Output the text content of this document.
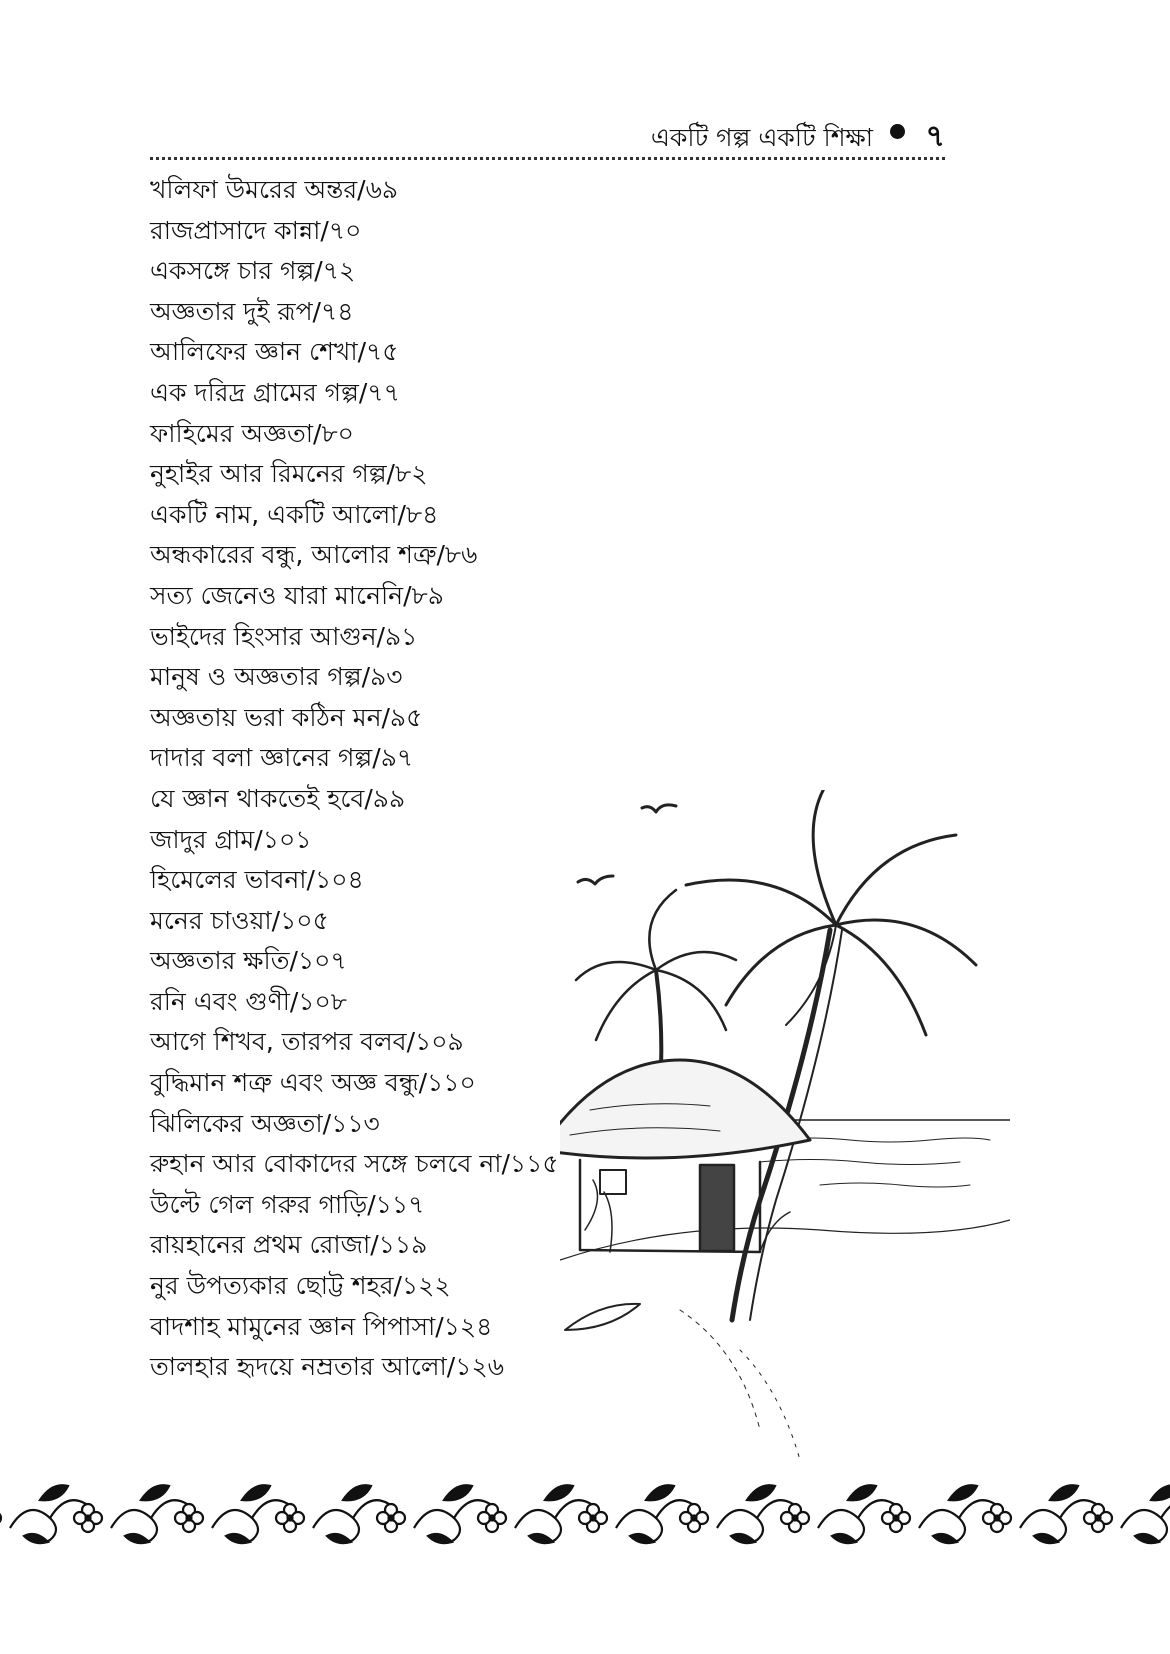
একটি গল্প একটি শিক্ষা ৭
খলিফা উমরের অন্তর/৬৯
রাজপ্রাসাদে কান্না/৭০
একসঙ্গে চার গল্প/৭২
অজ্ঞতার দুই রূপ/৭৪
আলিফের জ্ঞান শেখা/৭৫
এক দরিদ্র গ্রামের গল্প/৭৭
ফাহিমের অজ্ঞতা/৮০
নুহাইর আর রিমনের গল্প/৮২
একটি নাম, একটি আলো/৮৪
অন্ধকারের বন্ধু, আলোর শত্রু/৮৬
সত্য জেনেও যারা মানেনি/৮৯
ভাইদের হিংসার আগুন/৯১
মানুষ ও অজ্ঞতার গল্প/৯৩
অজ্ঞতায় ভরা কঠিন মন/৯৫
দাদার বলা জ্ঞানের গল্প/৯৭
যে জ্ঞান থাকতেই হবে/৯৯
জাদুর গ্রাম/১০১
হিমেলের ভাবনা/১০৪
মনের চাওয়া/১০৫
অজ্ঞতার ক্ষতি/১০৭
রনি এবং গুণী/১০৮
আগে শিখব, তারপর বলব/১০৯
বুদ্ধিমান শত্রু এবং অজ্ঞ বন্ধু/১১০
ঝিলিকের অজ্ঞতা/১১৩
রুহান আর বোকাদের সঙ্গে চলবে না/১১৫
উল্টে গেল গরুর গাড়ি/১১৭
রায়হানের প্রথম রোজা/১১৯
নুর উপত্যকার ছোট্ট শহর/১২২
বাদশাহ মামুনের জ্ঞান পিপাসা/১২৪
তালহার হৃদয়ে নম্রতার আলো/১২৬
